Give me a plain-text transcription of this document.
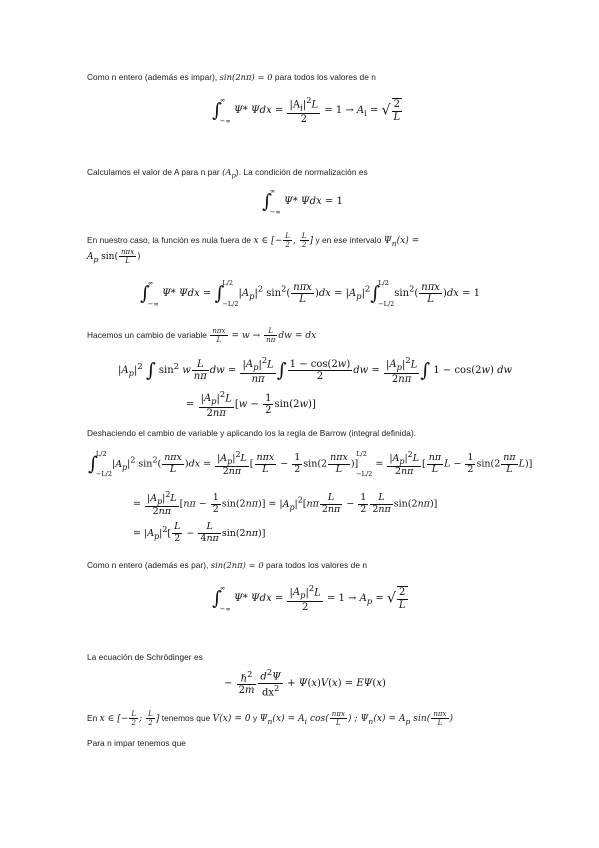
Como n entero (además es impar), sin(2nπ) = 0 para todos los valores de n
∫
∞
−∞
Ψ* $\Psi dx = \frac{|A_i|^2L}{2} = 1 \to A_i$ = √ $\frac{2}{L}$
Calculamos el valor de A para n par $(A_p)$. La condición de normalización es
∫
∞
−∞
Ψ* Ψdx = 1
En nuestro caso, la función es nula fuera de x ∈ [− $\frac{L}{2}$ , $\frac{L}{2}$ ] y en ese intervalo $\Psi_n(x)$ =
$A_p$ $\sin( \frac{\text{nπx}}{L}$ )
∫
∞
−∞
Ψ* Ψdx = ∫
L/2
−L/2
$|A_p|^2$ $\sin^2( \frac{\text{nπx}}{L} )dx = |A_p|^2\int$
L/2
−L/2
$\sin^2( \frac{\text{nπx}}{L} )dx = 1$
Hacemos un cambio de variable $\frac{\text{nπx}}{L} = w \to \frac{L}{n\pi}$ dw = dx
$|A_p|^2$ ∫ $\sin^2 w \frac{L}{n\pi}$ dw = $\frac{|A_p|^2L}{n\pi}$ ∫ $\frac{1 - \cos(2w)}{2}$ dw = $\frac{|A_p|^2L}{2n\pi}$ ∫ 1 − cos(2w) dw
= $\frac{|A_p|^2L}{2n\pi} [w - \frac{1}{2} \sin(2w)]$
Deshaciendo el cambio de variable y aplicando los la regla de Barrow (integral definida).
∫
L/2
−L/2
$|A_p|^2$ $\sin^2( \frac{\text{nπx}}{L} )dx = \frac{|A_p|^2L}{2n\pi}$ [ $\frac{\text{nπx}}{L} - \frac{1}{2} \sin(2 \frac{\text{nπx}}{L}$ )]
L/2
−L/2
= $\frac{|A_p|^2L}{2n\pi}$ [ $\frac{n\pi}{L}$ $L - \frac{1}{2} \sin(2 \frac{n\pi}{L} L)$]
= $\frac{|A_p|^2L}{2n\pi} [n\pi - \frac{1}{2} \sin(2n\pi)] = |A_p|^2[n\pi \frac{L}{2n\pi} - \frac{1}{2} \frac{L}{2n\pi} \sin(2n\pi)]$
= $|A_p|^2[ \frac{L}{2} - \frac{L}{4n\pi} \sin(2n\pi)]$
Como n entero (además es par), sin(2nπ) = 0 para todos los valores de n
∫
∞
−∞
Ψ* $\Psi dx = \frac{|A_p|^2L}{2} = 1 \to A_p$ = √ $\frac{2}{L}$
La ecuación de Schrödinger es
− $\frac{\hbar^2}{2m} \frac{d^2\Psi}{dx^2} + \Psi(x)V(x) = E\Psi(x)$
En x ∈ [− $\frac{L}{2}$ ; $\frac{L}{2}$ ] tenemos que V(x) = 0 y $\Psi_n(x) = A_i$ $\cos( \frac{\text{nπx}}{L}$ ) ; $\Psi_n(x) = A_p$ $\sin( \frac{\text{nπx}}{L}$ )
Para n impar tenemos que
